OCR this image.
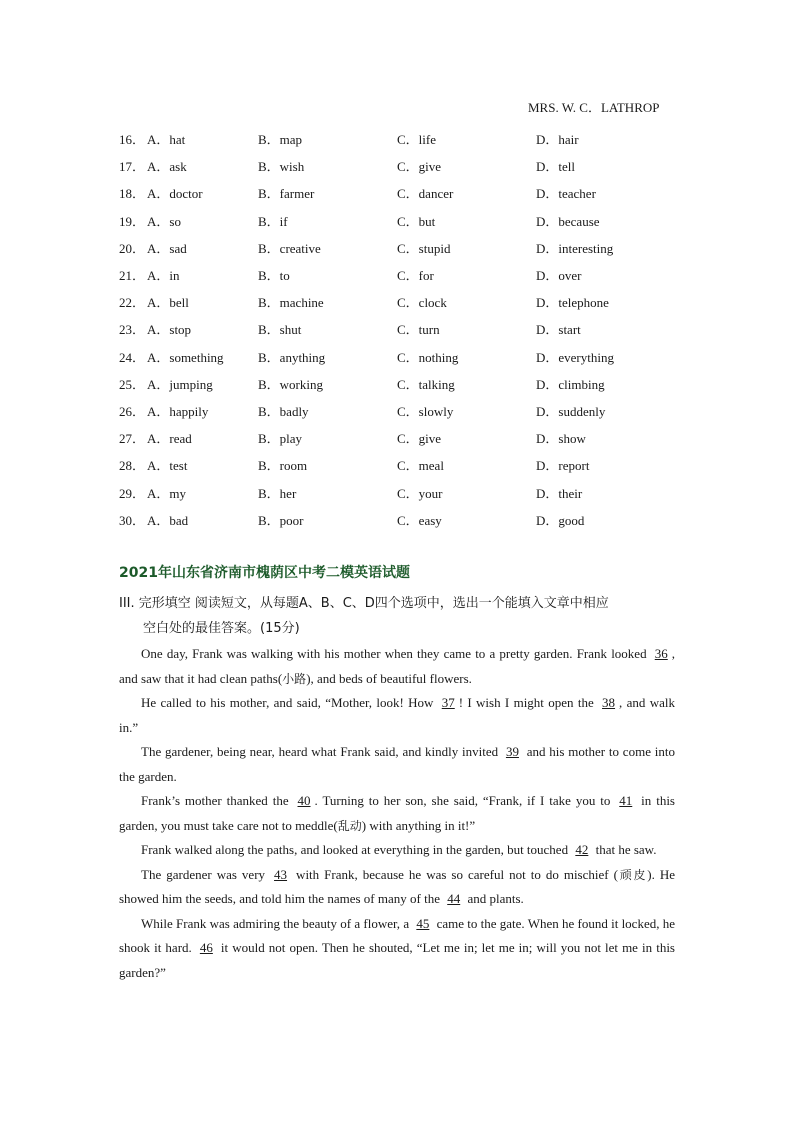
MRS. W. C．LATHROP
16． A．hat	B．map	C．life	D．hair
17． A．ask	B．wish	C．give	D．tell
18． A．doctor	B．farmer	C．dancer	D．teacher
19． A．so	B．if	C．but	D．because
20． A．sad	B．creative	C．stupid	D．interesting
21． A．in	B．to	C．for	D．over
22． A．bell	B．machine	C．clock	D．telephone
23． A．stop	B．shut	C．turn	D．start
24． A．something	B．anything	C．nothing	D．everything
25． A．jumping	B．working	C．talking	D．climbing
26． A．happily	B．badly	C．slowly	D．suddenly
27． A．read	B．play	C．give	D．show
28． A．test	B．room	C．meal	D．report
29． A．my	B．her	C．your	D．their
30． A．bad	B．poor	C．easy	D．good
2021年山东省济南市槐荫区中考二模英语试题
III. 完形填空 阅读短文，从每题A、B、C、D四个选项中，选出一个能填入文章中相应
空白处的最佳答案。(15分)

One day, Frank was walking with his mother when they came to a pretty garden. Frank looked 36 , and saw that it had clean paths(小路), and beds of beautiful flowers.

He called to his mother, and said, “Mother, look! How 37 ! I wish I might open the 38 , and walk in.”

The gardener, being near, heard what Frank said, and kindly invited 39 and his mother to come into the garden.

Frank’s mother thanked the 40 . Turning to her son, she said, “Frank, if I take you to 41 in this garden, you must take care not to meddle(乱动) with anything in it!”

Frank walked along the paths, and looked at everything in the garden, but touched 42 that he saw.

The gardener was very 43 with Frank, because he was so careful not to do mischief (顽皮). He showed him the seeds, and told him the names of many of the 44 and plants.

While Frank was admiring the beauty of a flower, a 45 came to the gate. When he found it locked, he shook it hard. 46 it would not open. Then he shouted, “Let me in; let me in; will you not let me in this garden?”
